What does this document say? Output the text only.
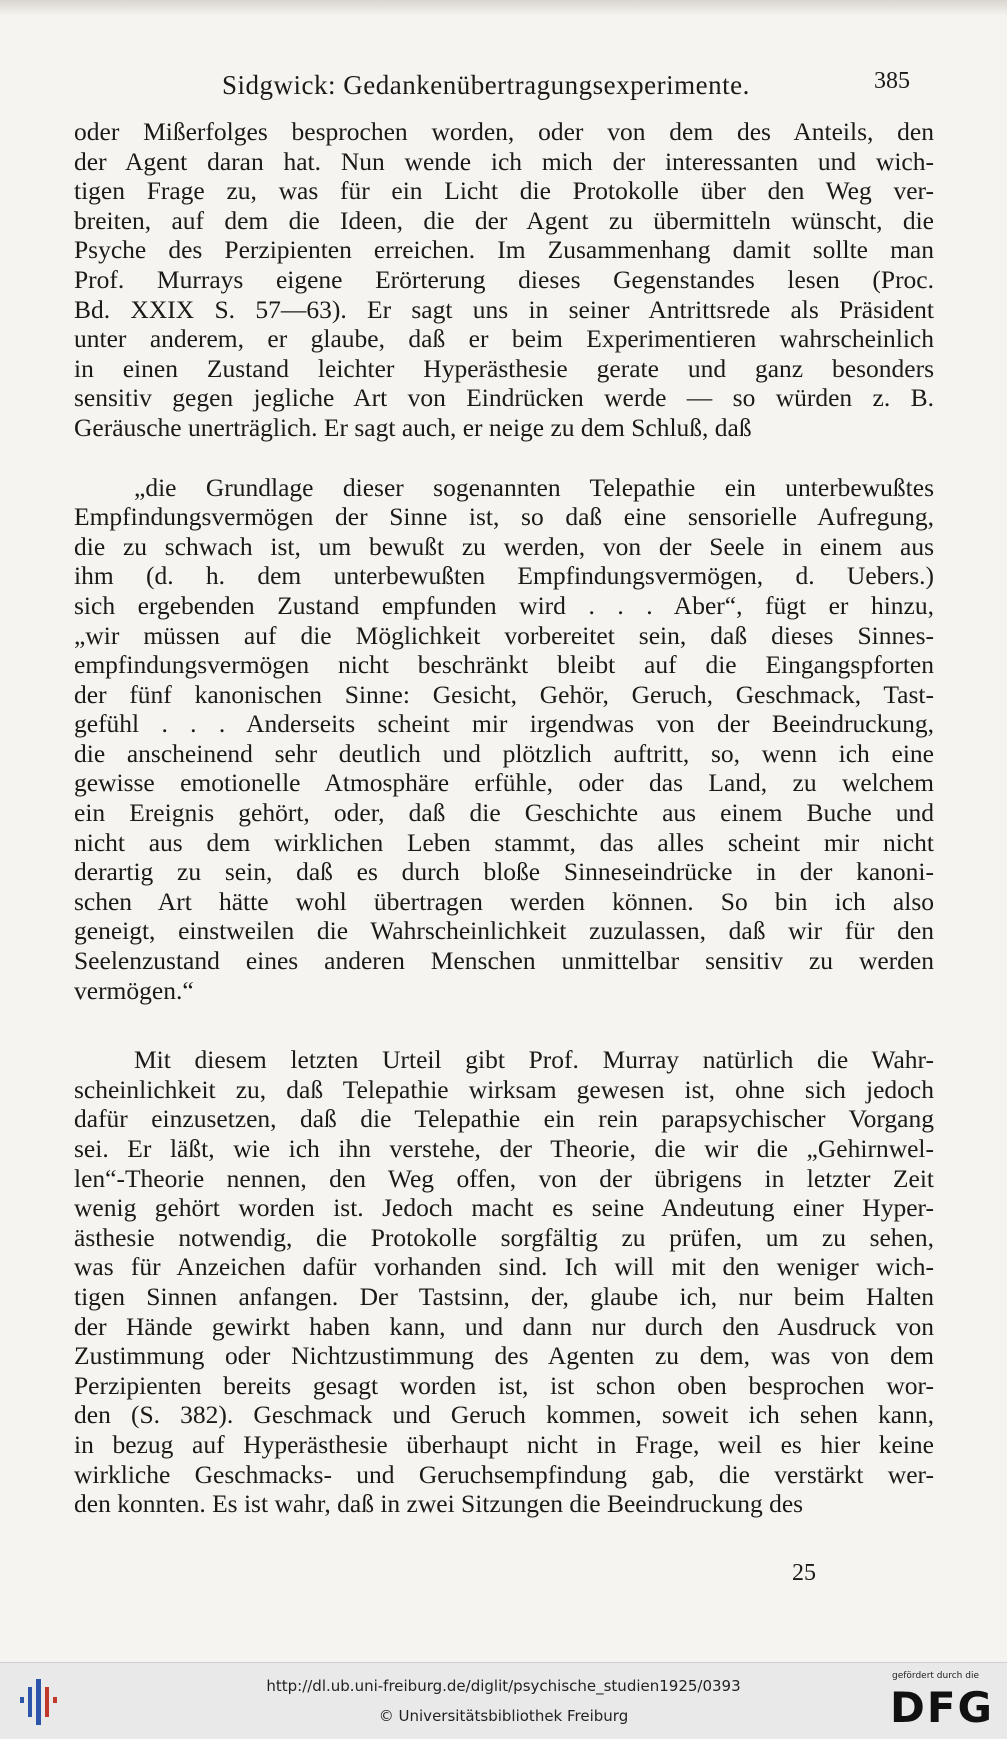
Sidgwick: Gedankenübertragungsexperimente.	385
oder Mißerfolges besprochen worden, oder von dem des Anteils, den
der Agent daran hat. Nun wende ich mich der interessanten und wich-
tigen Frage zu, was für ein Licht die Protokolle über den Weg ver-
breiten, auf dem die Ideen, die der Agent zu übermitteln wünscht, die
Psyche des Perzipienten erreichen. Im Zusammenhang damit sollte man
Prof. Murrays eigene Erörterung dieses Gegenstandes lesen (Proc.
Bd. XXIX S. 57—63). Er sagt uns in seiner Antrittsrede als Präsident
unter anderem, er glaube, daß er beim Experimentieren wahrscheinlich
in einen Zustand leichter Hyperästhesie gerate und ganz besonders
sensitiv gegen jegliche Art von Eindrücken werde — so würden z. B.
Geräusche unerträglich. Er sagt auch, er neige zu dem Schluß, daß
„die Grundlage dieser sogenannten Telepathie ein unterbewußtes
Empfindungsvermögen der Sinne ist, so daß eine sensorielle Aufregung,
die zu schwach ist, um bewußt zu werden, von der Seele in einem aus
ihm (d. h. dem unterbewußten Empfindungsvermögen, d. Uebers.)
sich ergebenden Zustand empfunden wird . . . Aber“, fügt er hinzu,
„wir müssen auf die Möglichkeit vorbereitet sein, daß dieses Sinnes-
empfindungsvermögen nicht beschränkt bleibt auf die Eingangspforten
der fünf kanonischen Sinne: Gesicht, Gehör, Geruch, Geschmack, Tast-
gefühl . . . Anderseits scheint mir irgendwas von der Beeindruckung,
die anscheinend sehr deutlich und plötzlich auftritt, so, wenn ich eine
gewisse emotionelle Atmosphäre erfühle, oder das Land, zu welchem
ein Ereignis gehört, oder, daß die Geschichte aus einem Buche und
nicht aus dem wirklichen Leben stammt, das alles scheint mir nicht
derartig zu sein, daß es durch bloße Sinneseindrücke in der kanoni-
schen Art hätte wohl übertragen werden können. So bin ich also
geneigt, einstweilen die Wahrscheinlichkeit zuzulassen, daß wir für den
Seelenzustand eines anderen Menschen unmittelbar sensitiv zu werden
vermögen.“
Mit diesem letzten Urteil gibt Prof. Murray natürlich die Wahr-
scheinlichkeit zu, daß Telepathie wirksam gewesen ist, ohne sich jedoch
dafür einzusetzen, daß die Telepathie ein rein parapsychischer Vorgang
sei. Er läßt, wie ich ihn verstehe, der Theorie, die wir die „Gehirnwel-
len“-Theorie nennen, den Weg offen, von der übrigens in letzter Zeit
wenig gehört worden ist. Jedoch macht es seine Andeutung einer Hyper-
ästhesie notwendig, die Protokolle sorgfältig zu prüfen, um zu sehen,
was für Anzeichen dafür vorhanden sind. Ich will mit den weniger wich-
tigen Sinnen anfangen. Der Tastsinn, der, glaube ich, nur beim Halten
der Hände gewirkt haben kann, und dann nur durch den Ausdruck von
Zustimmung oder Nichtzustimmung des Agenten zu dem, was von dem
Perzipienten bereits gesagt worden ist, ist schon oben besprochen wor-
den (S. 382). Geschmack und Geruch kommen, soweit ich sehen kann,
in bezug auf Hyperästhesie überhaupt nicht in Frage, weil es hier keine
wirkliche Geschmacks- und Geruchsempfindung gab, die verstärkt wer-
den konnten. Es ist wahr, daß in zwei Sitzungen die Beeindruckung des
25
http://dl.ub.uni-freiburg.de/diglit/psychische_studien1925/0393
© Universitätsbibliothek Freiburg
gefördert durch die
DFG
